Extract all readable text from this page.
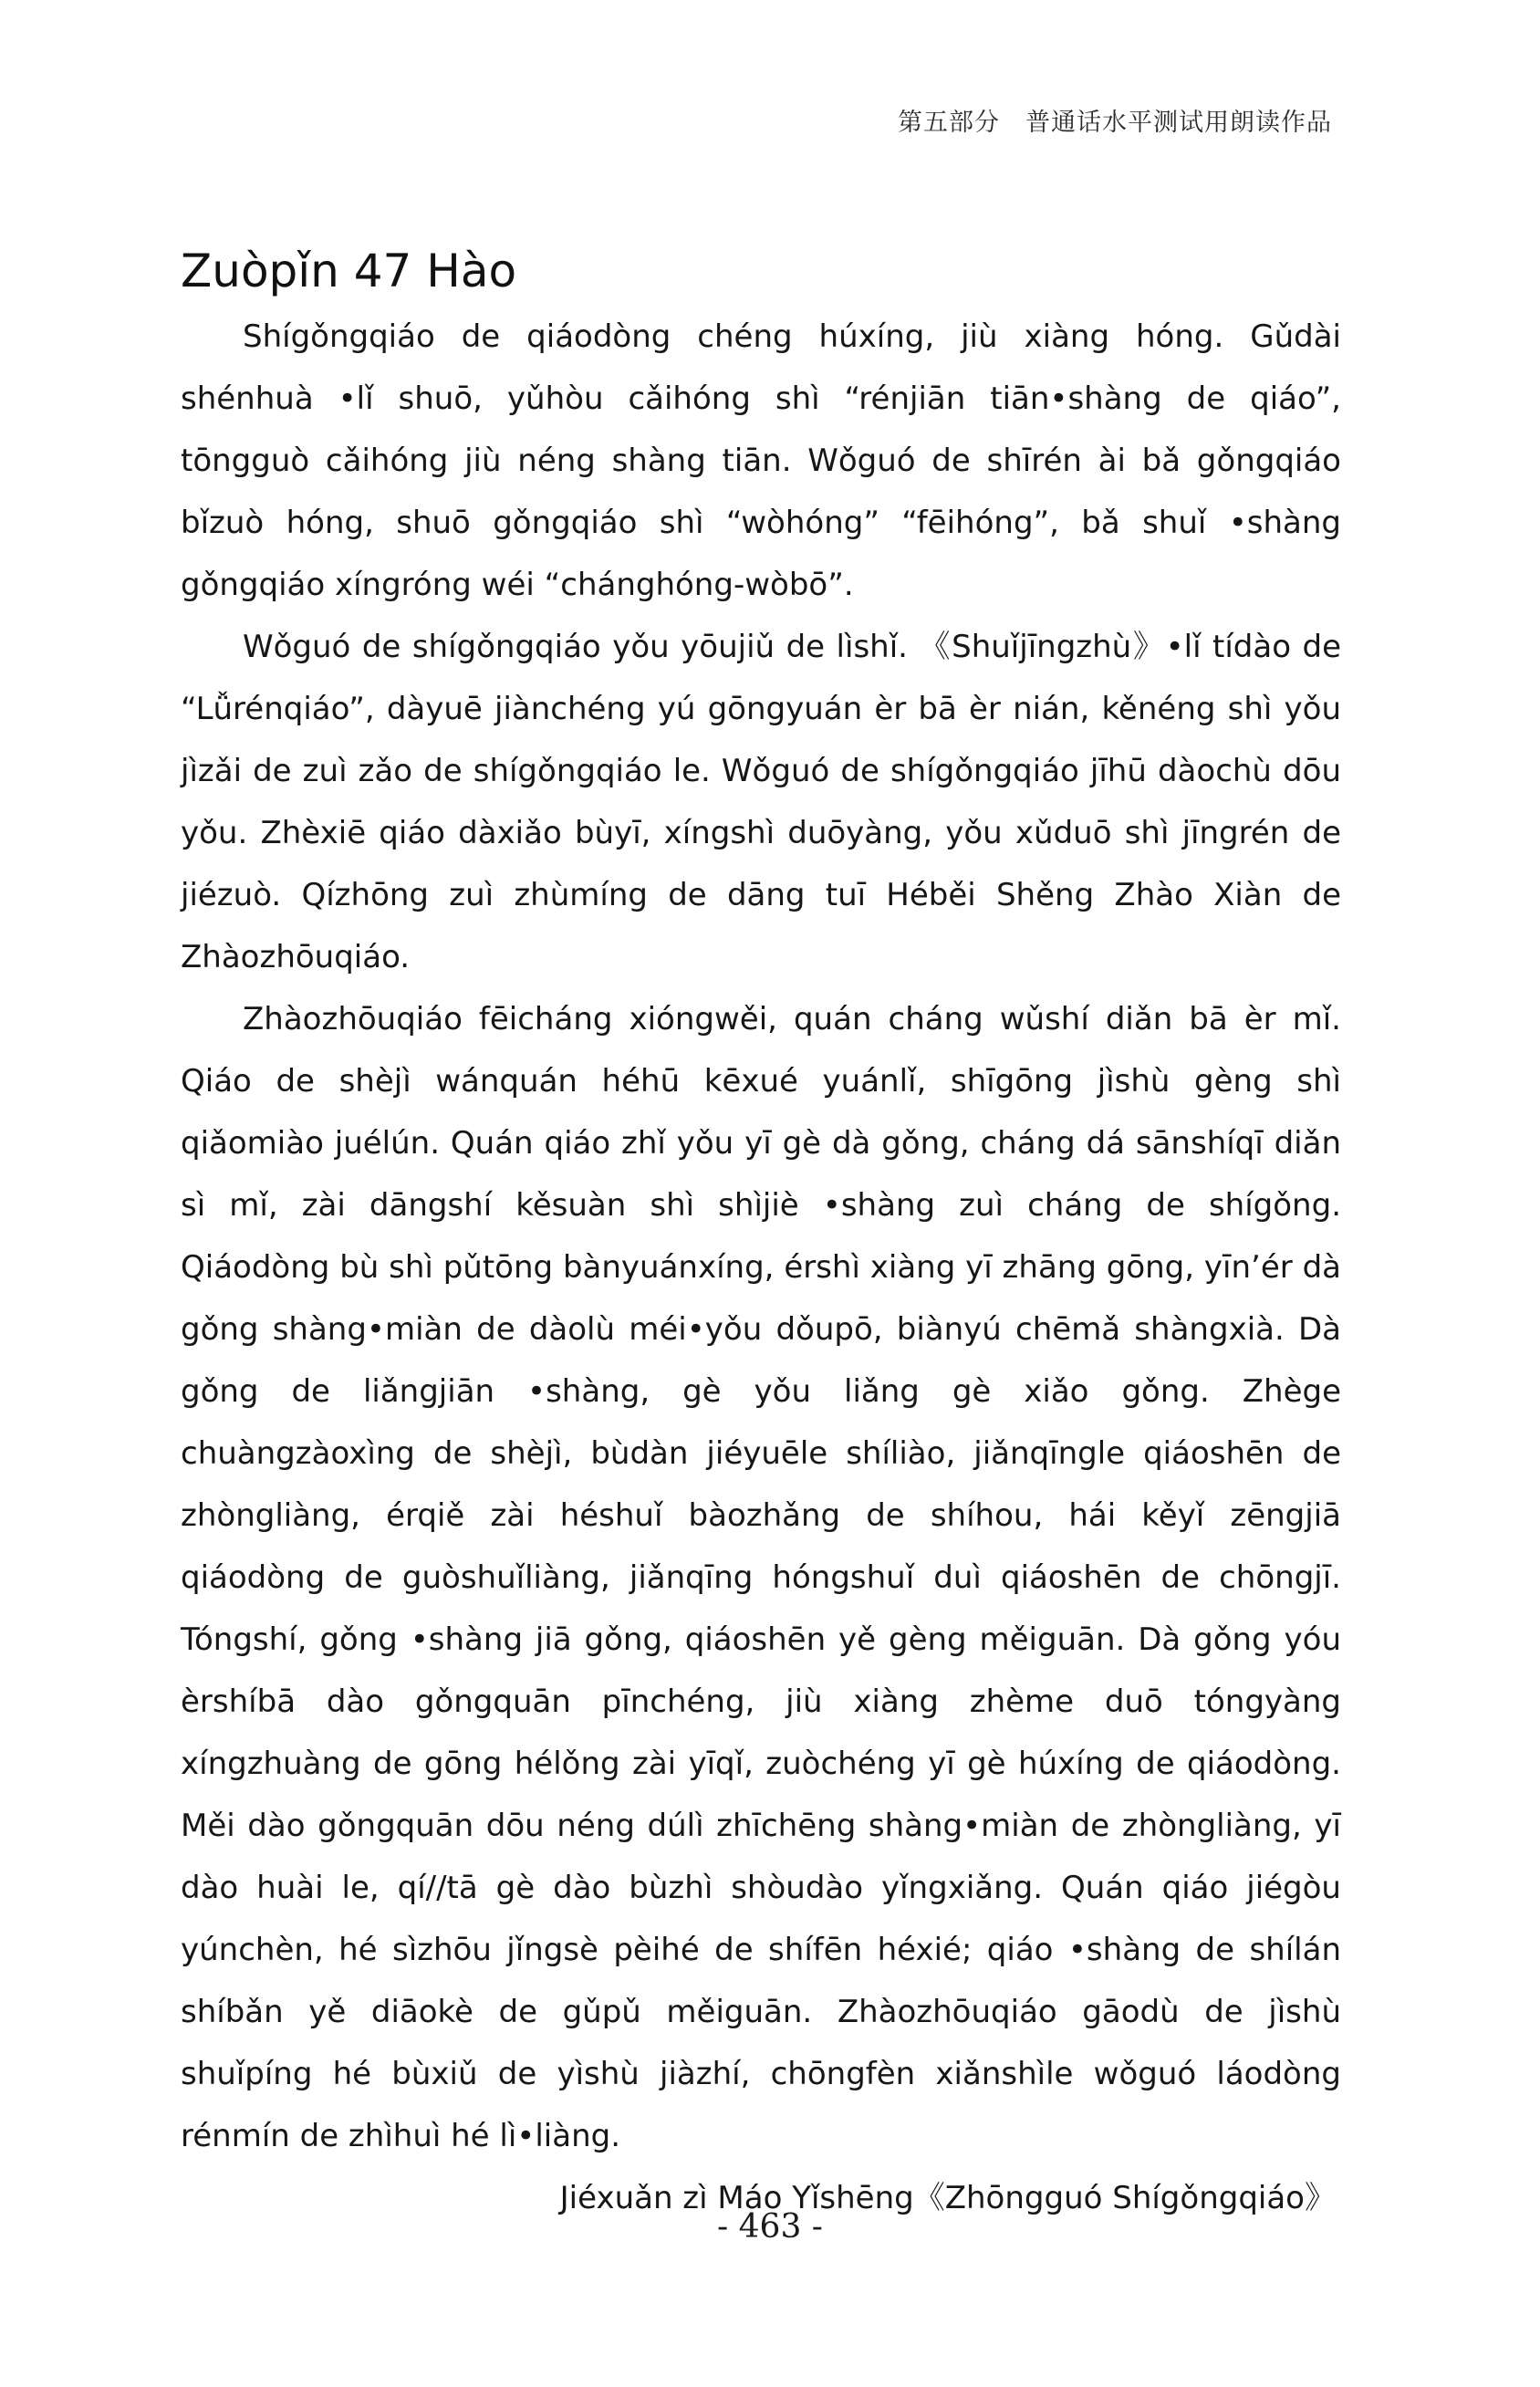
第五部分　普通话水平测试用朗读作品
Zuòpǐn 47 Hào

Shígǒngqiáo de qiáodòng chéng húxíng, jiù xiàng hóng. Gǔdài shénhuà •lǐ shuō, yǔhòu cǎihóng shì “rénjiān tiān•shàng de qiáo”, tōngguò cǎihóng jiù néng shàng tiān. Wǒguó de shīrén ài bǎ gǒngqiáo bǐzuò hóng, shuō gǒngqiáo shì “wòhóng” “fēihóng”, bǎ shuǐ •shàng gǒngqiáo xíngróng wéi “chánghóng-wòbō”.

Wǒguó de shígǒngqiáo yǒu yōujiǔ de lìshǐ. 《Shuǐjīngzhù》•lǐ tídào de “Lǚrénqiáo”, dàyuē jiànchéng yú gōngyuán èr bā èr nián, kěnéng shì yǒu jìzǎi de zuì zǎo de shígǒngqiáo le. Wǒguó de shígǒngqiáo jīhū dàochù dōu yǒu. Zhèxiē qiáo dàxiǎo bùyī, xíngshì duōyàng, yǒu xǔduō shì jīngrén de jiézuò. Qízhōng zuì zhùmíng de dāng tuī Héběi Shěng Zhào Xiàn de Zhàozhōuqiáo.

Zhàozhōuqiáo fēicháng xióngwěi, quán cháng wǔshí diǎn bā èr mǐ. Qiáo de shèjì wánquán héhū kēxué yuánlǐ, shīgōng jìshù gèng shì qiǎomiào juélún. Quán qiáo zhǐ yǒu yī gè dà gǒng, cháng dá sānshíqī diǎn sì mǐ, zài dāngshí kěsuàn shì shìjiè •shàng zuì cháng de shígǒng. Qiáodòng bù shì pǔtōng bànyuánxíng, érshì xiàng yī zhāng gōng, yīn’ér dà gǒng shàng•miàn de dàolù méi•yǒu dǒupō, biànyú chēmǎ shàngxià. Dà gǒng de liǎngjiān •shàng, gè yǒu liǎng gè xiǎo gǒng. Zhège chuàngzàoxìng de shèjì, bùdàn jiéyuēle shíliào, jiǎnqīngle qiáoshēn de zhòngliàng, érqiě zài héshuǐ bàozhǎng de shíhou, hái kěyǐ zēngjiā qiáodòng de guòshuǐliàng, jiǎnqīng hóngshuǐ duì qiáoshēn de chōngjī. Tóngshí, gǒng •shàng jiā gǒng, qiáoshēn yě gèng měiguān. Dà gǒng yóu èrshíbā dào gǒngquān pīnchéng, jiù xiàng zhème duō tóngyàng xíngzhuàng de gōng hélǒng zài yīqǐ, zuòchéng yī gè húxíng de qiáodòng. Měi dào gǒngquān dōu néng dúlì zhīchēng shàng•miàn de zhòngliàng, yī dào huài le, qí//tā gè dào bùzhì shòudào yǐngxiǎng. Quán qiáo jiégòu yúnchèn, hé sìzhōu jǐngsè pèihé de shífēn héxié; qiáo •shàng de shílán shíbǎn yě diāokè de gǔpǔ měiguān. Zhàozhōuqiáo gāodù de jìshù shuǐpíng hé bùxiǔ de yìshù jiàzhí, chōngfèn xiǎnshìle wǒguó láodòng rénmín de zhìhuì hé lì•liàng.

Jiéxuǎn zì Máo Yǐshēng《Zhōngguó Shígǒngqiáo》

- 463 -
